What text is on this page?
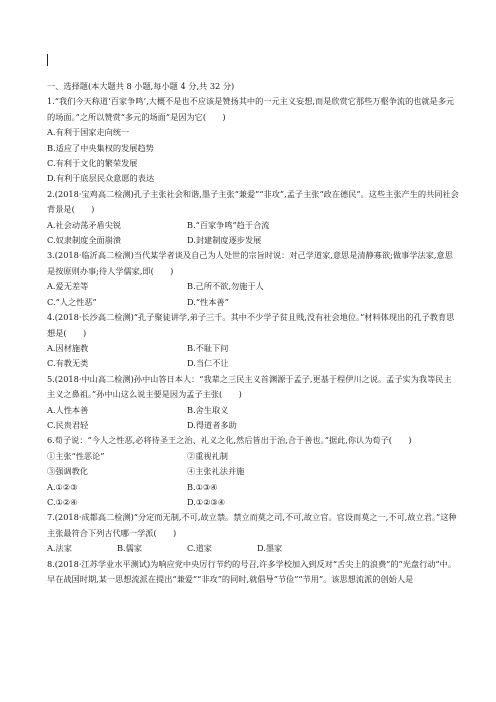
一、选择题(本大题共 8 小题,每小题 4 分,共 32 分)
1.“我们今天称道‘百家争鸣’,大概不是也不应该是赞扬其中的一元主义妄想,而是欣赏它那些万壑争流的也就是多元的场面。”之所以赞赏“多元的场面”是因为它(　　)
A.有利于国家走向统一
B.适应了中央集权的发展趋势
C.有利于文化的繁荣发展
D.有利于底层民众意愿的表达
2.(2018·宝鸡高二检测)孔子主张社会和谐,墨子主张“兼爱”“非攻”,孟子主张“政在德民”。这些主张产生的共同社会背景是(　　)
A.社会动荡矛盾尖锐	B.“百家争鸣”趋于合流
C.奴隶制度全面崩溃	D.封建制度逐步发展
3.(2018·临沂高二检测)当代某学者谈及自己为人处世的宗旨时说：对己学道家,意思是清静寡欲;做事学法家,意思是按原则办事;待人学儒家,即(　　)
A.爱无差等	B.己所不欲,勿施于人
C.“人之性恶”	D.“性本善”
4.(2018·长沙高二检测)“孔子聚徒讲学,弟子三千。其中不少学子贫且贱,没有社会地位。”材料体现出的孔子教育思想是(　　)
A.因材施教	B.不耻下问
C.有教无类	D.当仁不让
5.(2018·中山高二检测)孙中山答日本人：“我辈之三民主义首渊源于孟子,更基于程伊川之说。孟子实为我等民主主义之鼻祖。”孙中山这么说主要是因为孟子主张(　　)
A.人性本善	B.舍生取义
C.民贵君轻	D.得道者多助
6.荀子说：“今人之性恶,必将待圣王之治、礼义之化,然后皆出于治,合于善也。”据此,你认为荀子(　　)
①主张“性恶论”	②重视礼制
③强调教化	④主张礼法并施
A.①②③	B.①③④
C.①②④	D.①②③④
7.(2018·成都高二检测)“分定而无制,不可,故立禁。禁立而莫之司,不可,故立官。官设而莫之一,不可,故立君。”这种主张最符合下列古代哪一学派(　　)
A.法家	B.儒家	C.道家	D.墨家
8.(2018·江苏学业水平测试)为响应党中央厉行节约的号召,许多学校加入到反对“舌尖上的浪费”的“光盘行动”中。早在战国时期,某一思想流派在提出“兼爱”“非攻”的同时,就倡导“节俭”“节用”。该思想流派的创始人是
